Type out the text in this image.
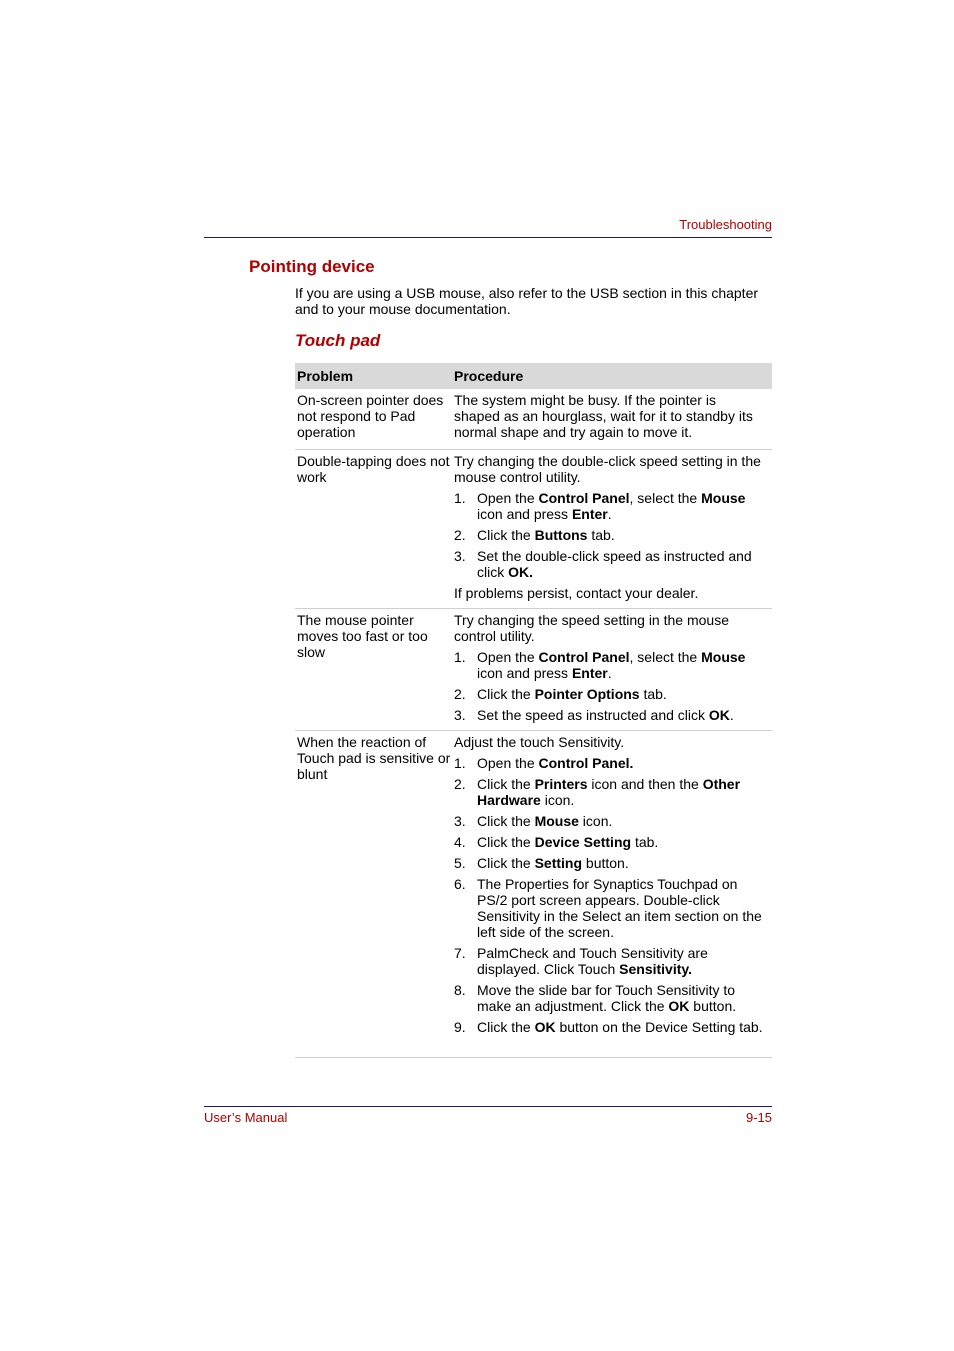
Troubleshooting
Pointing device

If you are using a USB mouse, also refer to the USB section in this chapter and to your mouse documentation.

Touch pad
Problem	Procedure
On-screen pointer does not respond to Pad operation
The system might be busy. If the pointer is shaped as an hourglass, wait for it to standby its normal shape and try again to move it.
Double-tapping does not work

Try changing the double-click speed setting in the mouse control utility.

1. Open the Control Panel, select the Mouse icon and press Enter.
2. Click the Buttons tab.
3. Set the double-click speed as instructed and click OK.

If problems persist, contact your dealer.

The mouse pointer moves too fast or too slow

Try changing the speed setting in the mouse control utility.

1. Open the Control Panel, select the Mouse icon and press Enter.
2. Click the Pointer Options tab.
3. Set the speed as instructed and click OK.
When the reaction of Touch pad is sensitive or blunt

Adjust the touch Sensitivity.

1. Open the Control Panel.
2. Click the Printers icon and then the Other Hardware icon.
3. Click the Mouse icon.
4. Click the Device Setting tab.
5. Click the Setting button.
6. The Properties for Synaptics Touchpad on PS/2 port screen appears. Double-click Sensitivity in the Select an item section on the left side of the screen.
7. PalmCheck and Touch Sensitivity are displayed. Click Touch Sensitivity.
8. Move the slide bar for Touch Sensitivity to make an adjustment. Click the OK button.
9. Click the OK button on the Device Setting tab.
User’s Manual	9-15
